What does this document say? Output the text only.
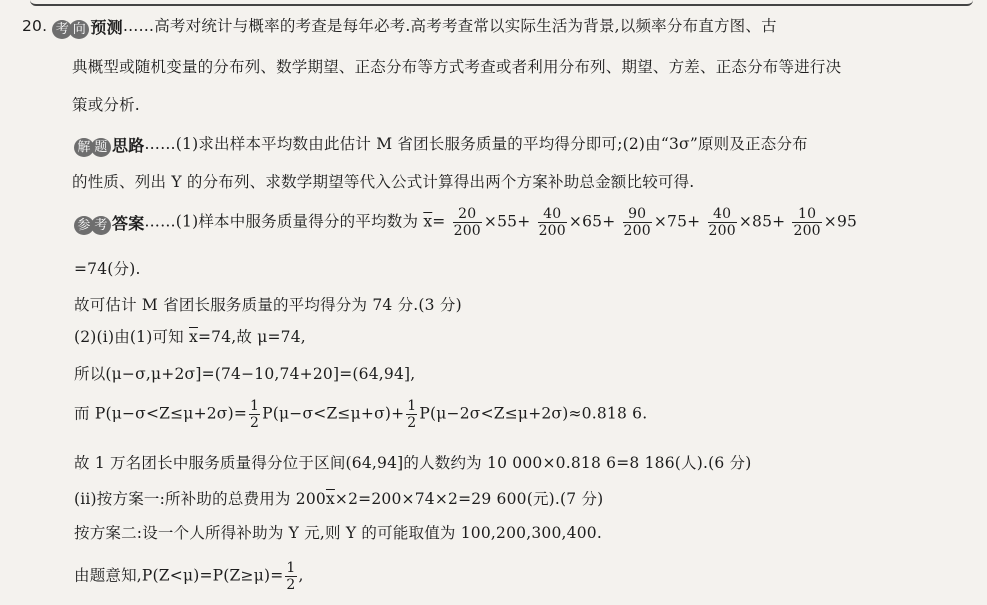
20. 考 向 预测……高考对统计与概率的考查是每年必考.高考考查常以实际生活为背景,以频率分布直方图、古
典概型或随机变量的分布列、数学期望、正态分布等方式考查或者利用分布列、期望、方差、正态分布等进行决
策或分析.
解 题 思路……(1)求出样本平均数由此估计 M 省团长服务质量的平均得分即可;(2)由“3σ”原则及正态分布
的性质、列出 Y 的分布列、求数学期望等代入公式计算得出两个方案补助总金额比较可得.
参 考 答案……(1)样本中服务质量得分的平均数为 $\overline{x}= \frac{20}{200} \times 55+ \frac{40}{200} \times 65+ \frac{90}{200} \times 75+ \frac{40}{200} \times 85+ \frac{10}{200} \times 95$
=74(分).
故可估计 M 省团长服务质量的平均得分为 74 分.(3 分)
(2)(i)由(1)可知 $\overline{x}=74$,故 μ=74,
所以(μ−σ,μ+2σ]=(74−10,74+20]=(64,94],
而 $P(\mu-\sigma<Z\le\mu+2\sigma)= \frac{1}{2} P(\mu-\sigma<Z\le\mu+\sigma)+ \frac{1}{2} P(\mu-2\sigma<Z\le\mu+2\sigma)\approx 0.818$ 6.
故 1 万名团长中服务质量得分位于区间(64,94]的人数约为 10 000×0.818 6=8 186(人).(6 分)
(ii)按方案一:所补助的总费用为 $200\overline{x}\times 2=200\times 74\times 2=29$ 600(元).(7 分)
按方案二:设一个人所得补助为 Y 元,则 Y 的可能取值为 100,200,300,400.
由题意知$,P(Z<\mu)=P(Z\ge\mu)= \frac{1}{2}$ ,
